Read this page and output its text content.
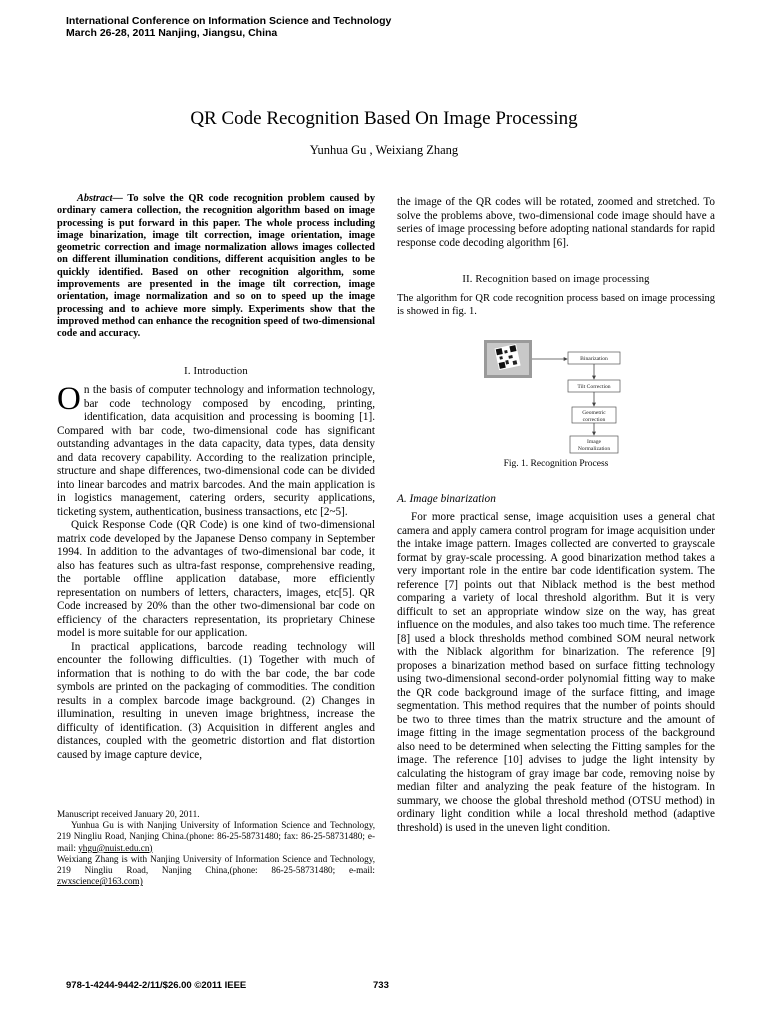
International Conference on Information Science and Technology
March 26-28, 2011 Nanjing, Jiangsu, China
QR Code Recognition Based On Image Processing
Yunhua Gu , Weixiang Zhang
Abstract— To solve the QR code recognition problem caused by ordinary camera collection, the recognition algorithm based on image processing is put forward in this paper. The whole process including image binarization, image tilt correction, image orientation, image geometric correction and image normalization allows images collected on different illumination conditions, different acquisition angles to be quickly identified. Based on other recognition algorithm, some improvements are presented in the image tilt correction, image orientation, image normalization and so on to speed up the image processing and to achieve more simply. Experiments show that the improved method can enhance the recognition speed of two-dimensional code and accuracy.
I. Introduction

On the basis of computer technology and information technology, bar code technology composed by encoding, printing, identification, data acquisition and processing is booming [1]. Compared with bar code, two-dimensional code has significant outstanding advantages in the data capacity, data types, data density and data recovery capability. According to the realization principle, structure and shape differences, two-dimensional code can be divided into linear barcodes and matrix barcodes. And the main application is in logistics management, catering orders, security applications, ticketing system, authentication, business transactions, etc [2~5].

Quick Response Code (QR Code) is one kind of two-dimensional matrix code developed by the Japanese Denso company in September 1994. In addition to the advantages of two-dimensional bar code, it also has features such as ultra-fast response, comprehensive reading, the portable offline application database, more efficiently representation on numbers of letters, characters, images, etc[5]. QR Code increased by 20% than the other two-dimensional bar code on efficiency of the characters representation, its proprietary Chinese model is more suitable for our application.

In practical applications, barcode reading technology will encounter the following difficulties. (1) Together with much of information that is nothing to do with the bar code, the bar code symbols are printed on the packaging of commodities. The condition results in a complex barcode image background. (2) Changes in illumination, resulting in uneven image brightness, increase the difficulty of identification. (3) Acquisition in different angles and distances, coupled with the geometric distortion and flat distortion caused by image capture device,

Manuscript received January 20, 2011.

Yunhua Gu is with Nanjing University of Information Science and Technology, 219 Ningliu Road, Nanjing China.(phone: 86-25-58731480; fax: 86-25-58731480; e-mail: yhgu@nuist.edu.cn)

Weixiang Zhang is with Nanjing University of Information Science and Technology, 219 Ningliu Road, Nanjing China,(phone: 86-25-58731480; e-mail: zwxscience@163.com)

the image of the QR codes will be rotated, zoomed and stretched. To solve the problems above, two-dimensional code image should have a series of image processing before adopting national standards for rapid response code decoding algorithm [6].
II. Recognition based on image processing
The algorithm for QR code recognition process based on image processing is showed in fig. 1.
Binarization
Tilt Correction
Geometric
correction
Image
Normalization
Fig. 1. Recognition Process
A. Image binarization
For more practical sense, image acquisition uses a general chat camera and apply camera control program for image acquisition under the intake image pattern. Images collected are converted to grayscale format by gray-scale processing. A good binarization method takes a very important role in the entire bar code identification system. The reference [7] points out that Niblack method is the best method comparing a variety of local threshold algorithm. But it is very difficult to set an appropriate window size on the way, has great influence on the modules, and also takes too much time. The reference [8] used a block thresholds method combined SOM neural network with the Niblack algorithm for binarization. The reference [9] proposes a binarization method based on surface fitting technology using two-dimensional second-order polynomial fitting way to make the QR code background image of the surface fitting, and image segmentation. This method requires that the number of points should be two to three times than the matrix structure and the amount of image fitting in the image segmentation process of the background also need to be determined when selecting the Fitting samples for the image. The reference [10] advises to judge the light intensity by calculating the histogram of gray image bar code, removing noise by median filter and analyzing the peak feature of the histogram. In summary, we choose the global threshold method (OTSU method) in ordinary light condition while a local threshold method (adaptive threshold) is used in the uneven light condition.
978-1-4244-9442-2/11/$26.00 ©2011 IEEE	733
